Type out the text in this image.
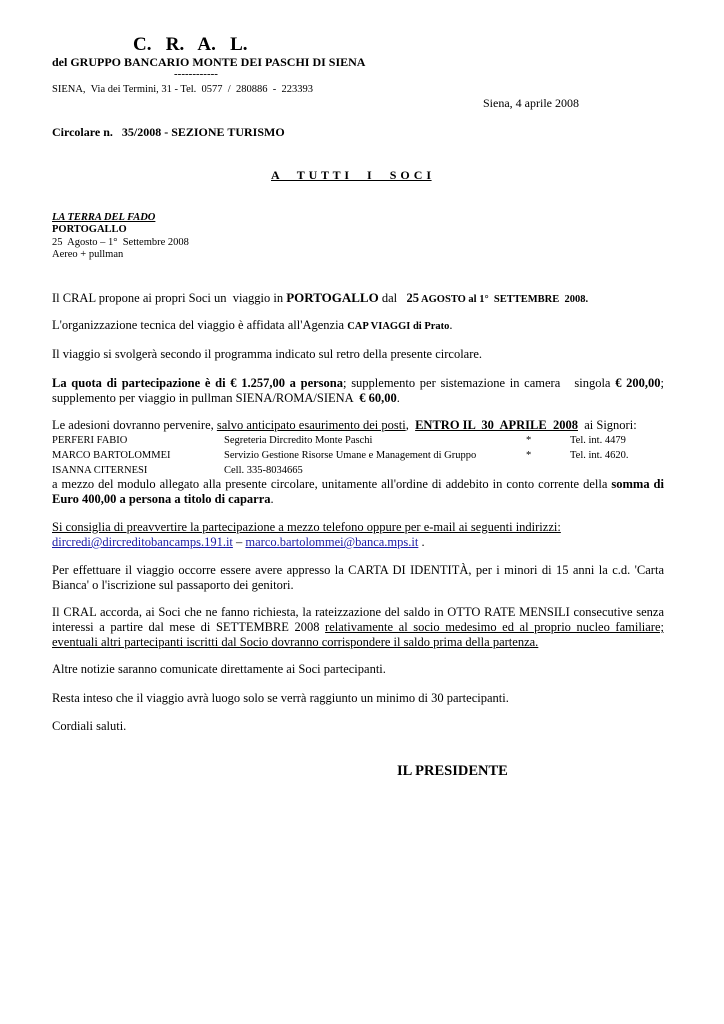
C.   R.   A.   L.
del GRUPPO BANCARIO MONTE DEI PASCHI DI SIENA
------------
SIENA,  Via dei Termini, 31 - Tel.  0577  /  280886  -  223393
Siena, 4 aprile 2008
Circolare n.   35/2008 - SEZIONE TURISMO
A     T U T T I     I     S O C I
LA TERRA DEL FADO
PORTOGALLO
25  Agosto – 1°  Settembre 2008
Aereo + pullman
Il CRAL propone ai propri Soci un  viaggio in PORTOGALLO dal   25 AGOSTO al 1°  SETTEMBRE  2008.
L'organizzazione tecnica del viaggio è affidata all'Agenzia CAP VIAGGI di Prato.
Il viaggio si svolgerà secondo il programma indicato sul retro della presente circolare.
La quota di partecipazione è di € 1.257,00 a persona; supplemento per sistemazione in camera   singola € 200,00; supplemento per viaggio in pullman SIENA/ROMA/SIENA  € 60,00.
Le adesioni dovranno pervenire, salvo anticipato esaurimento dei posti,  ENTRO IL  30  APRILE  2008  ai Signori:
PERFERI FABIO	Segreteria Dircredito Monte Paschi	*	Tel. int. 4479
MARCO BARTOLOMMEI	Servizio Gestione Risorse Umane e Management di Gruppo	*	Tel. int. 4620.
ISANNA CITERNESI	Cell. 335-8034665
a mezzo del modulo allegato alla presente circolare, unitamente all'ordine di addebito in conto corrente della somma di Euro 400,00 a persona a titolo di caparra.
Si consiglia di preavvertire la partecipazione a mezzo telefono oppure per e-mail ai seguenti indirizzi:
dircredi@dircreditobancamps.191.it – marco.bartolommei@banca.mps.it .
Per effettuare il viaggio occorre essere avere appresso la CARTA DI IDENTITÀ, per i minori di 15 anni la c.d. 'Carta Bianca' o l'iscrizione sul passaporto dei genitori.
Il CRAL accorda, ai Soci che ne fanno richiesta, la rateizzazione del saldo in OTTO RATE MENSILI consecutive senza interessi a partire dal mese di SETTEMBRE 2008 relativamente al socio medesimo ed al proprio nucleo familiare; eventuali altri partecipanti iscritti dal Socio dovranno corrispondere il saldo prima della partenza.
Altre notizie saranno comunicate direttamente ai Soci partecipanti.
Resta inteso che il viaggio avrà luogo solo se verrà raggiunto un minimo di 30 partecipanti.
Cordiali saluti.
IL PRESIDENTE
